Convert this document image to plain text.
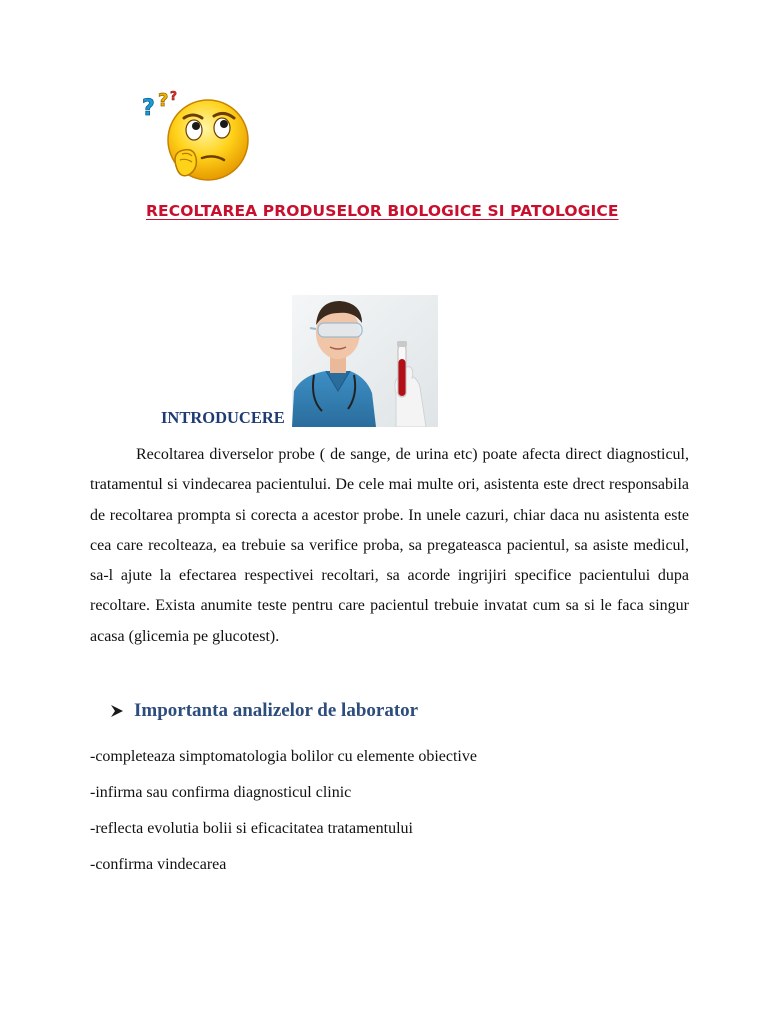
? ? ?
RECOLTAREA PRODUSELOR BIOLOGICE SI PATOLOGICE
INTRODUCERE

Recoltarea diverselor probe ( de sange, de urina etc) poate afecta direct diagnosticul, tratamentul si vindecarea pacientului. De cele mai multe ori, asistenta este drect responsabila de recoltarea prompta si corecta a acestor probe. In unele cazuri, chiar daca nu asistenta este cea care recolteaza, ea trebuie sa verifice proba, sa pregateasca pacientul, sa asiste medicul, sa-l ajute la efectarea respectivei recoltari, sa acorde ingrijiri specifice pacientului dupa recoltare. Exista anumite teste pentru care pacientul trebuie invatat cum sa si le faca singur acasa (glicemia pe glucotest).

Importanta analizelor de laborator
-completeaza simptomatologia bolilor cu elemente obiective
-infirma sau confirma diagnosticul clinic
-reflecta evolutia bolii si eficacitatea tratamentului
-confirma vindecarea
